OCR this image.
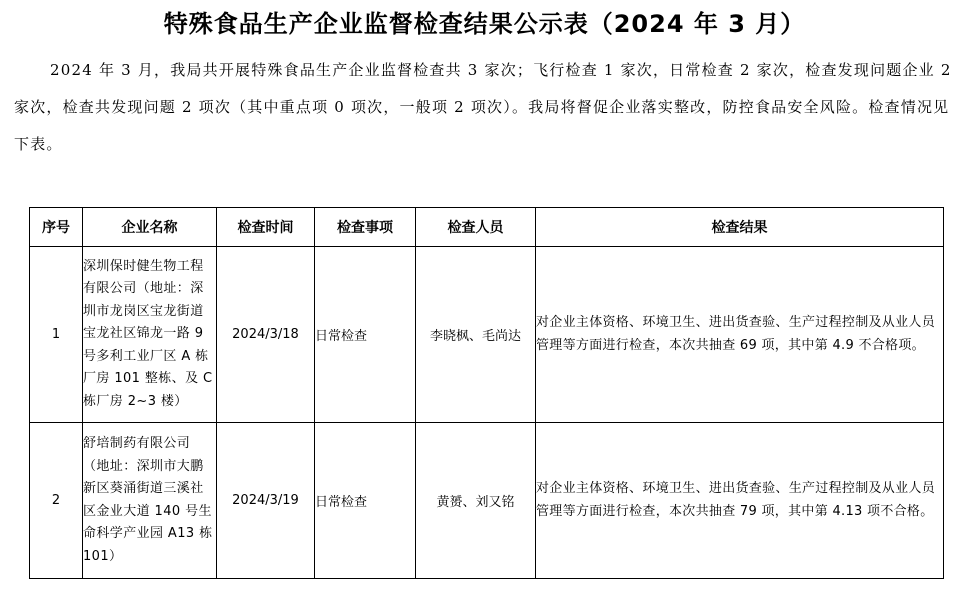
特殊食品生产企业监督检查结果公示表（2024 年 3 月）

2024 年 3 月，我局共开展特殊食品生产企业监督检查共 3 家次；飞行检查 1 家次，日常检查 2 家次，检查发现问题企业 2 家次，检查共发现问题 2 项次（其中重点项 0 项次，一般项 2 项次）。我局将督促企业落实整改，防控食品安全风险。检查情况见下表。

序号	企业名称	检查时间	检查事项	检查人员	检查结果
1	深圳保时健生物工程有限公司（地址：深圳市龙岗区宝龙街道宝龙社区锦龙一路 9 号多利工业厂区 A 栋厂房 101 整栋、及 C 栋厂房 2~3 楼）	2024/3/18	日常检查	李晓枫、毛尚达	对企业主体资格、环境卫生、进出货查验、生产过程控制及从业人员管理等方面进行检查，本次共抽查 69 项，其中第 4.9 不合格项。
2	舒培制药有限公司（地址：深圳市大鹏新区葵涌街道三溪社区金业大道 140 号生命科学产业园 A13 栋 101）	2024/3/19	日常检查	黄赟、刘又铭	对企业主体资格、环境卫生、进出货查验、生产过程控制及从业人员管理等方面进行检查，本次共抽查 79 项，其中第 4.13 项不合格。
